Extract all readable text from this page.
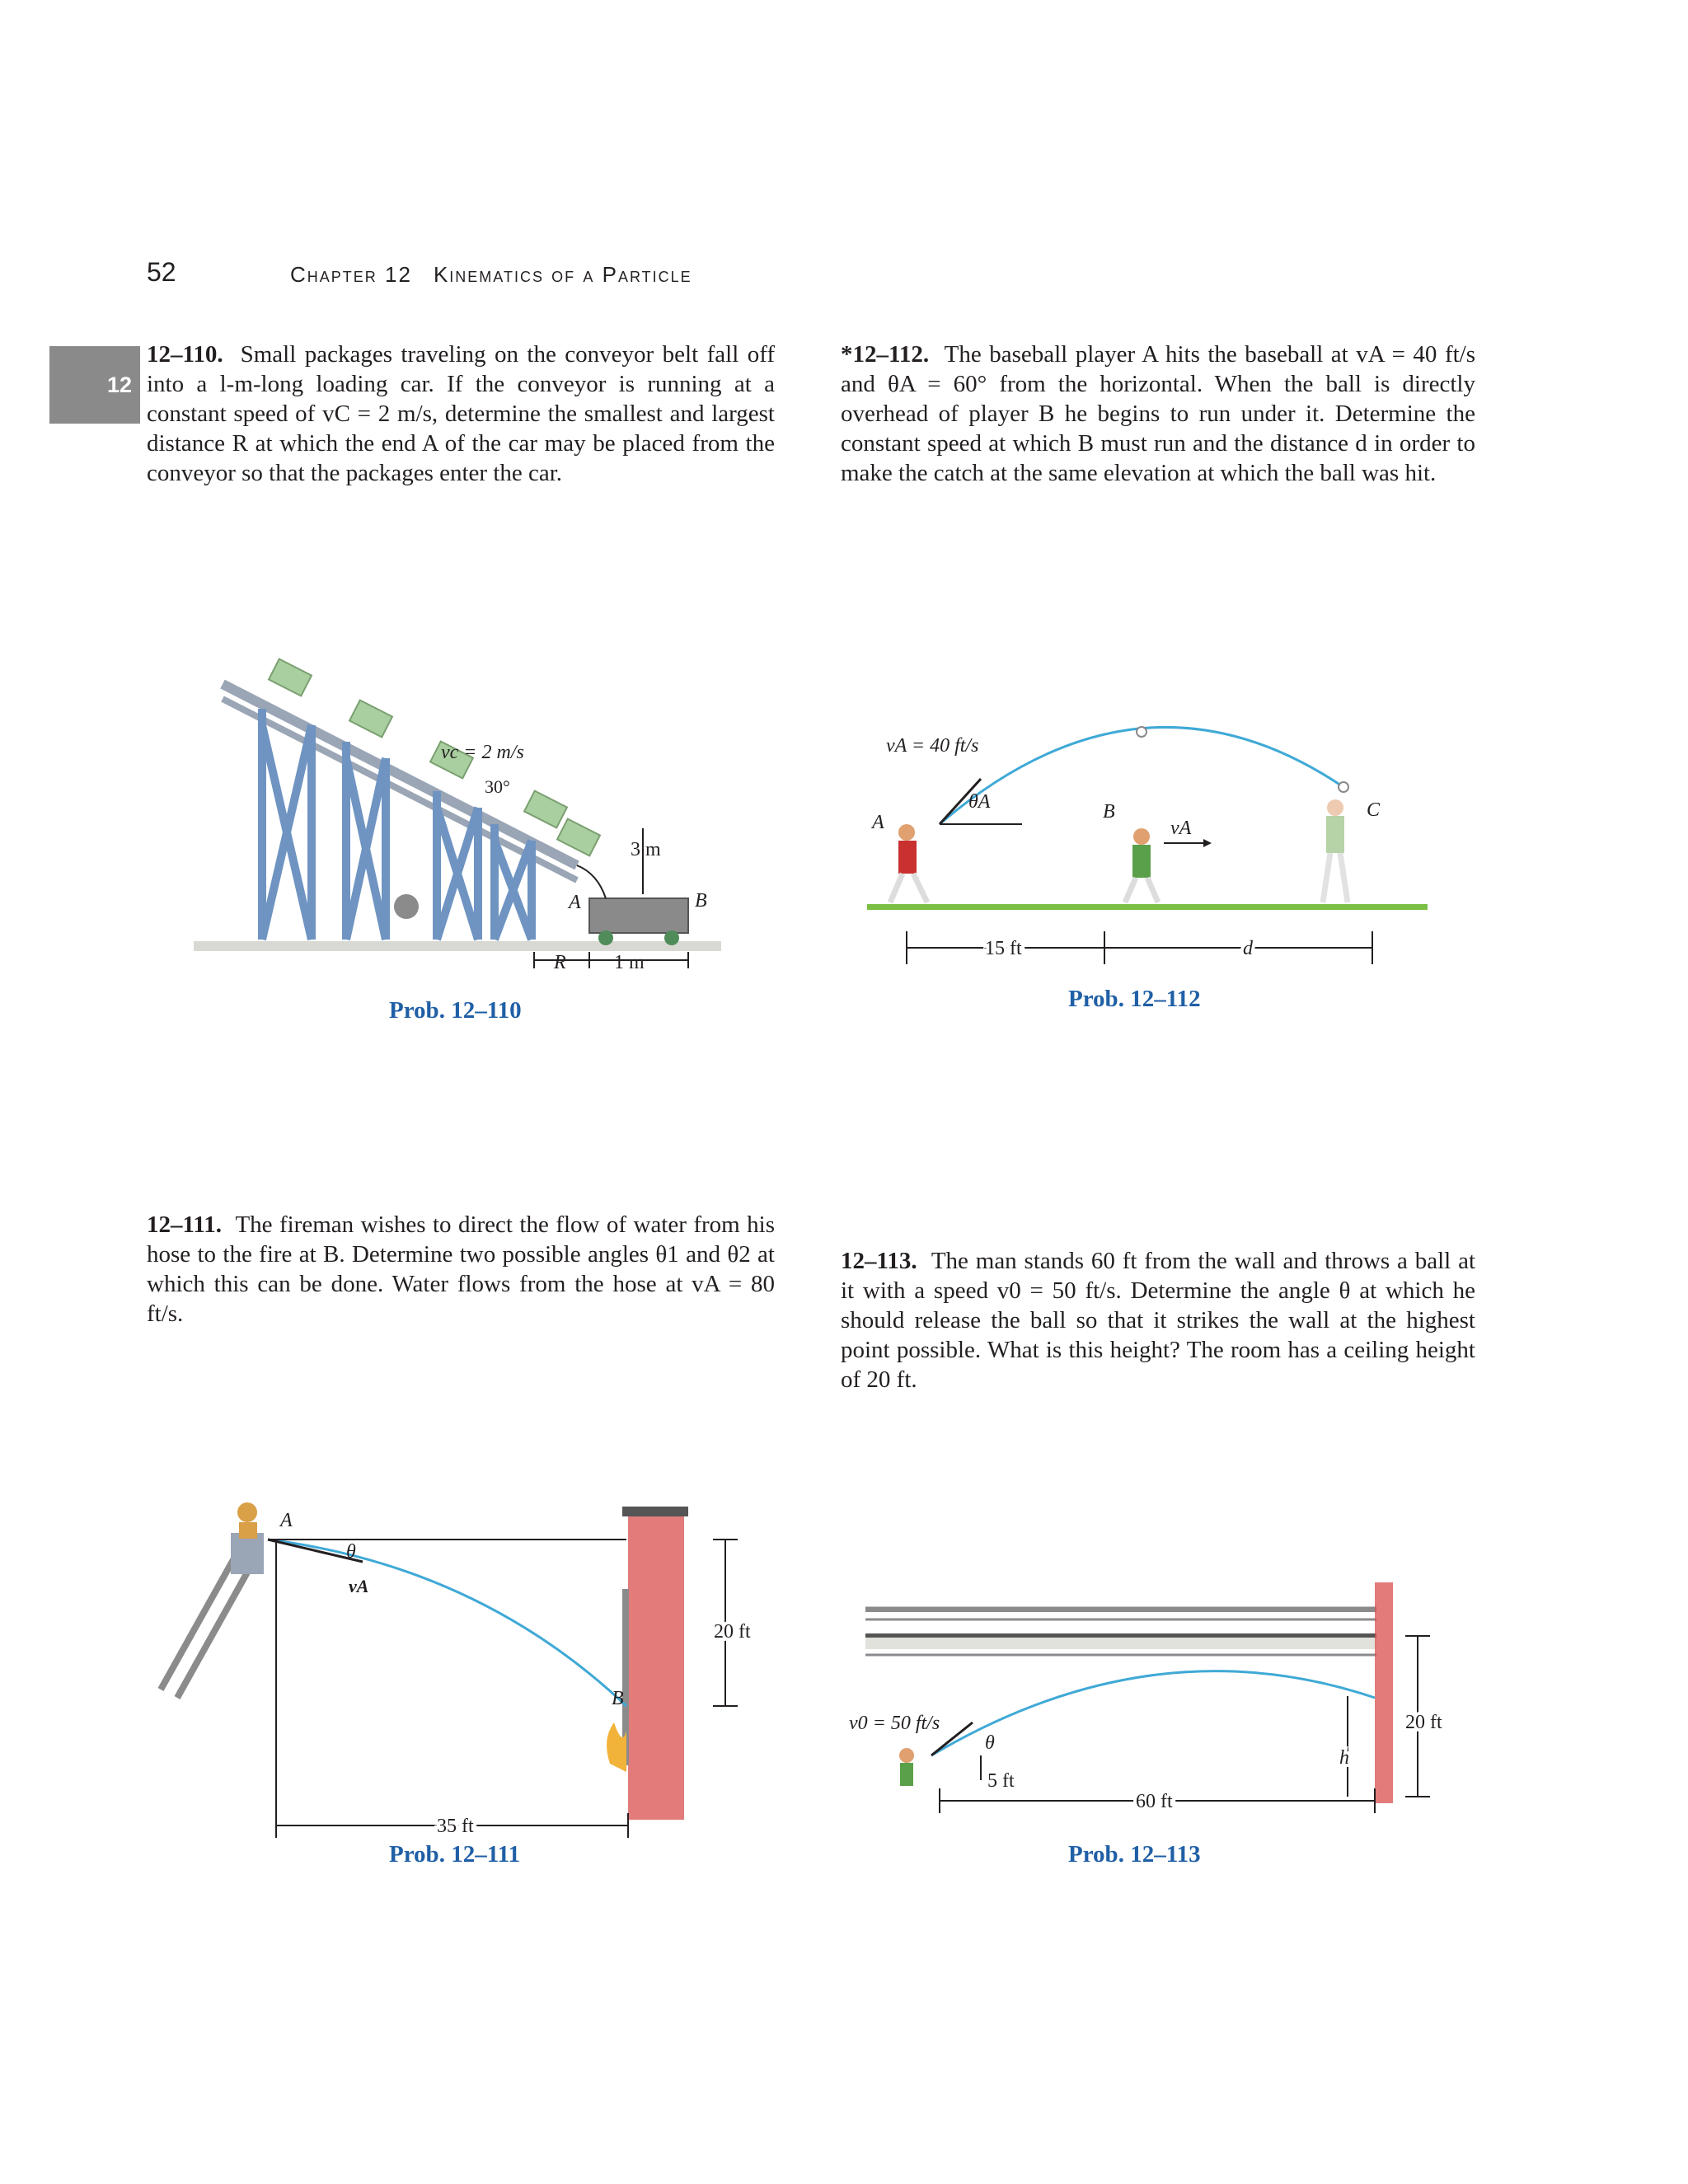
52	Chapter 12 Kinematics of a Particle
12
12–110. Small packages traveling on the conveyor belt fall off into a l-m-long loading car. If the conveyor is running at a constant speed of vC = 2 m/s, determine the smallest and largest distance R at which the end A of the car may be placed from the conveyor so that the packages enter the car.
*12–112. The baseball player A hits the baseball at vA = 40 ft/s and θA = 60° from the horizontal. When the ball is directly overhead of player B he begins to run under it. Determine the constant speed at which B must run and the distance d in order to make the catch at the same elevation at which the ball was hit.
12–111. The fireman wishes to direct the flow of water from his hose to the fire at B. Determine two possible angles θ1 and θ2 at which this can be done. Water flows from the hose at vA = 80 ft/s.
12–113. The man stands 60 ft from the wall and throws a ball at it with a speed v0 = 50 ft/s. Determine the angle θ at which he should release the ball so that it strikes the wall at the highest point possible. What is this height? The room has a ceiling height of 20 ft.
vc = 2 m/s
30°
3 m
A	B
R 1 m
Prob. 12–110
vA = 40 ft/s
θA
A	B
vA
C
15 ft	d
Prob. 12–112
A
θ
vA
20 ft
B
35 ft
Prob. 12–111
v0 = 50 ft/s
θ
5 ft
h
20 ft
60 ft
Prob. 12–113
